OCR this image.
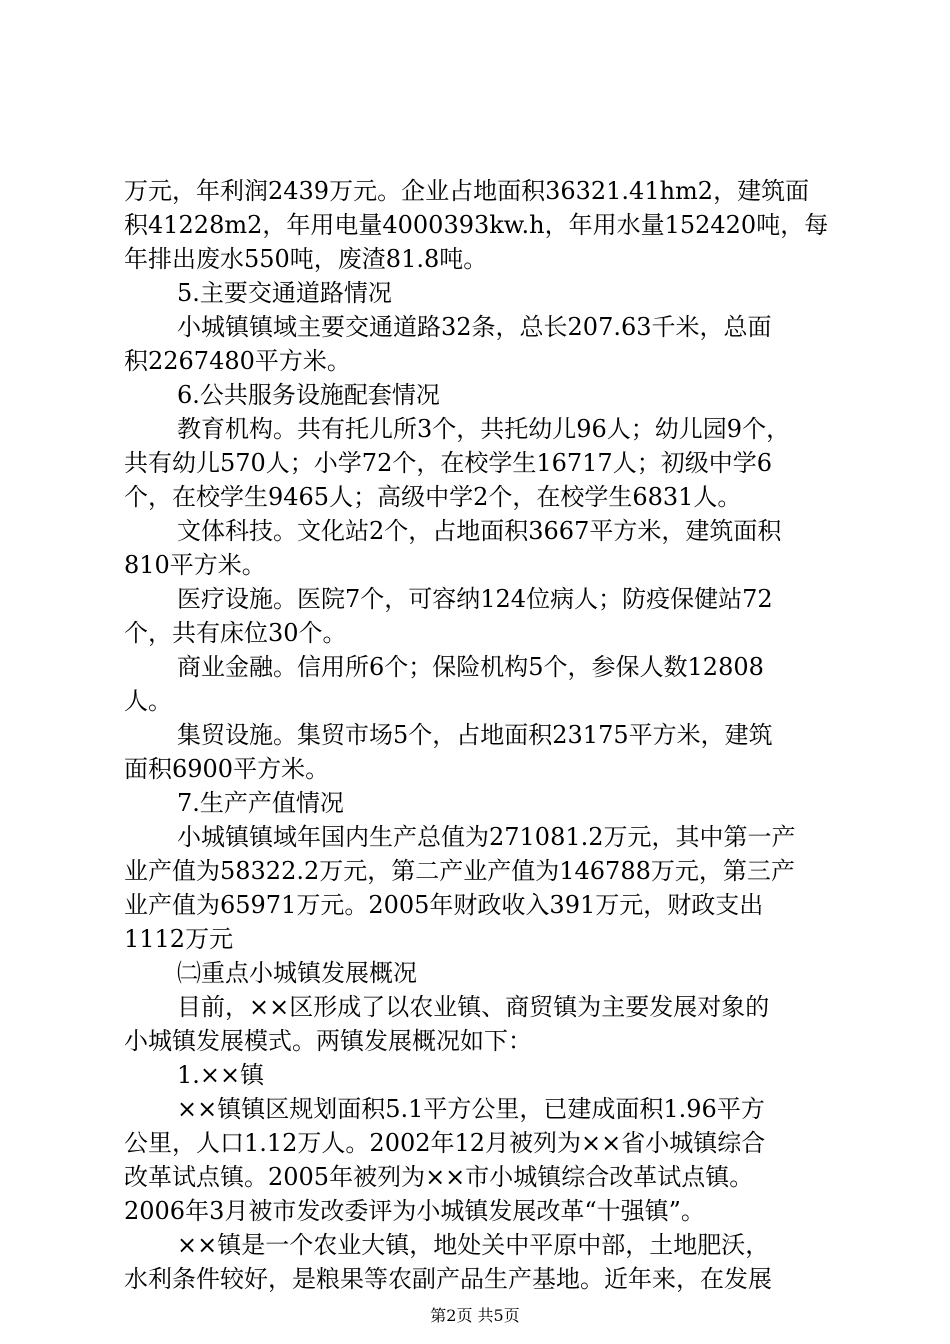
万元，年利润2439万元。企业占地面积36321.41hm2，建筑面
积41228m2，年用电量4000393kw.h，年用水量152420吨，每
年排出废水550吨，废渣81.8吨。
5.主要交通道路情况
小城镇镇域主要交通道路32条，总长207.63千米，总面
积2267480平方米。
6.公共服务设施配套情况
教育机构。共有托儿所3个，共托幼儿96人；幼儿园9个，
共有幼儿570人；小学72个，在校学生16717人；初级中学6
个，在校学生9465人；高级中学2个，在校学生6831人。
文体科技。文化站2个，占地面积3667平方米，建筑面积
810平方米。
医疗设施。医院7个，可容纳124位病人；防疫保健站72
个，共有床位30个。
商业金融。信用所6个；保险机构5个，参保人数12808
人。
集贸设施。集贸市场5个，占地面积23175平方米，建筑
面积6900平方米。
7.生产产值情况
小城镇镇域年国内生产总值为271081.2万元，其中第一产
业产值为58322.2万元，第二产业产值为146788万元，第三产
业产值为65971万元。2005年财政收入391万元，财政支出
1112万元
㈡重点小城镇发展概况
目前，××区形成了以农业镇、商贸镇为主要发展对象的
小城镇发展模式。两镇发展概况如下：
1.××镇
××镇镇区规划面积5.1平方公里，已建成面积1.96平方
公里，人口1.12万人。2002年12月被列为××省小城镇综合
改革试点镇。2005年被列为××市小城镇综合改革试点镇。
2006年3月被市发改委评为小城镇发展改革“十强镇”。
××镇是一个农业大镇，地处关中平原中部，土地肥沃，
水利条件较好，是粮果等农副产品生产基地。近年来，在发展
第2页 共5页
